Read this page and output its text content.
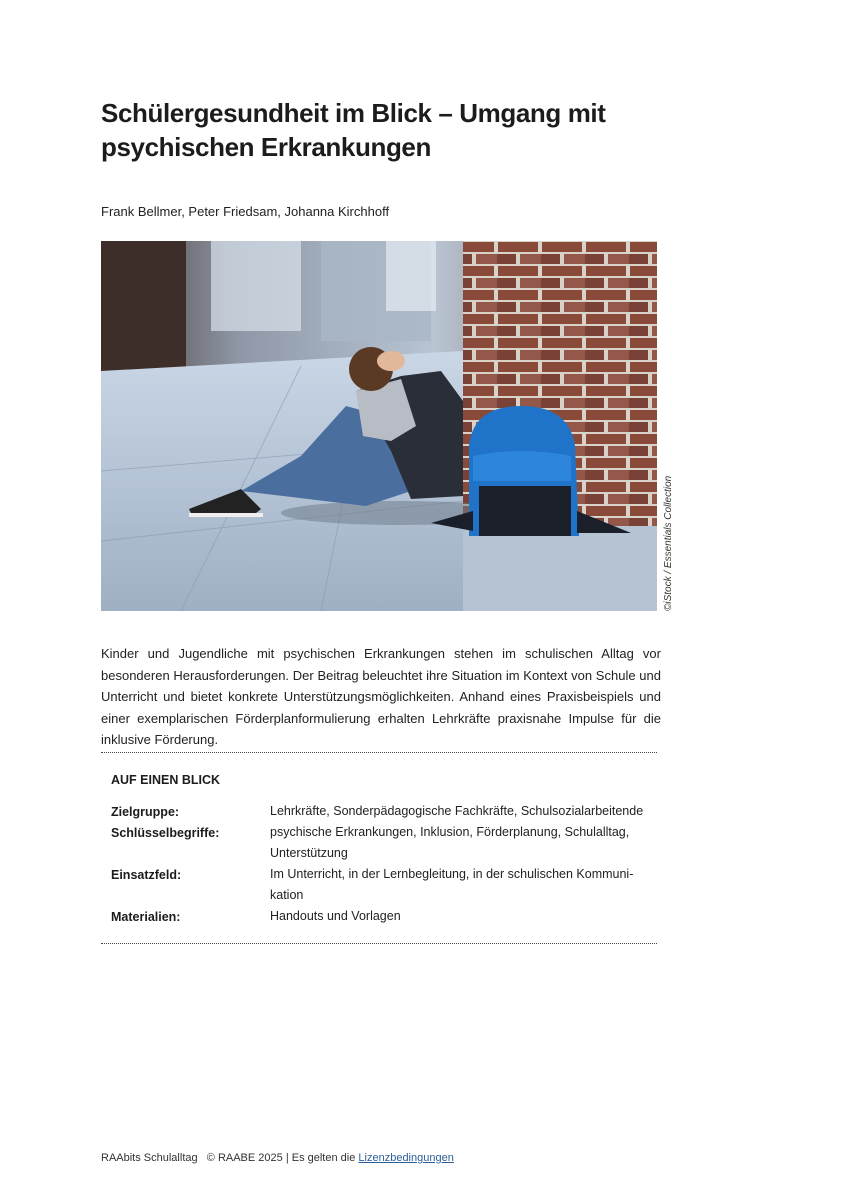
Schülergesundheit im Blick – Umgang mit psychischen Erkrankungen
Frank Bellmer, Peter Friedsam, Johanna Kirchhoff
©iStock / Essentials Collection

Kinder und Jugendliche mit psychischen Erkrankungen stehen im schulischen Alltag vor besonderen Herausforderungen. Der Beitrag beleuchtet ihre Situation im Kontext von Schule und Unterricht und bietet konkrete Unterstützungsmöglichkeiten. Anhand eines Praxisbeispiels und einer exemplarischen Förderplanformulierung erhalten Lehrkräfte praxisnahe Impulse für die inklusive Förderung.

AUF EINEN BLICK
Zielgruppe:	Lehrkräfte, Sonderpädagogische Fachkräfte, Schulsozialarbeitende
Schlüsselbegriffe:	psychische Erkrankungen, Inklusion, Förderplanung, Schulalltag, Unterstützung
Einsatzfeld:	Im Unterricht, in der Lernbegleitung, in der schulischen Kommunikation
Materialien:	Handouts und Vorlagen
RAAbits Schulalltag © RAABE 2025 | Es gelten die Lizenzbedingungen
